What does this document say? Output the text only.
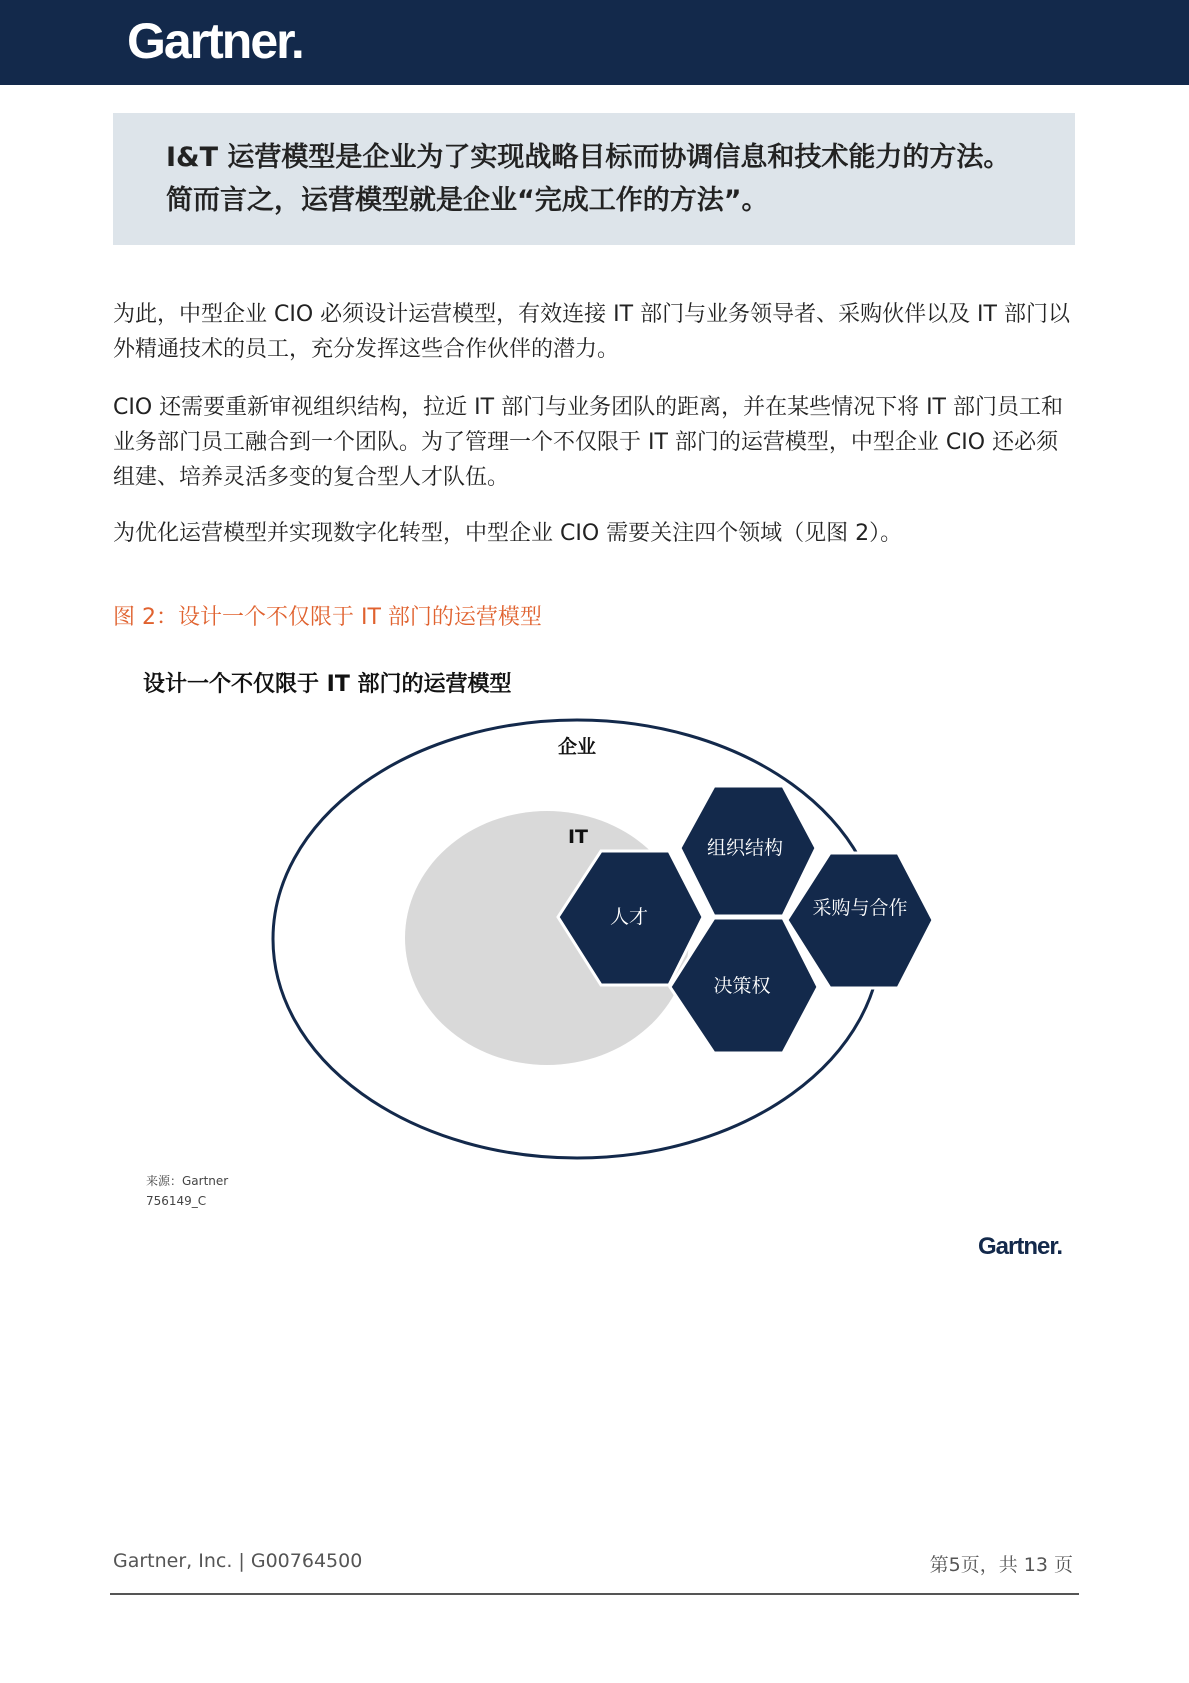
Gartner.
I&T 运营模型是企业为了实现战略目标而协调信息和技术能力的方法。简而言之，运营模型就是企业“完成工作的方法”。

为此，中型企业 CIO 必须设计运营模型，有效连接 IT 部门与业务领导者、采购伙伴以及 IT 部门以外精通技术的员工，充分发挥这些合作伙伴的潜力。

CIO 还需要重新审视组织结构，拉近 IT 部门与业务团队的距离，并在某些情况下将 IT 部门员工和业务部门员工融合到一个团队。为了管理一个不仅限于 IT 部门的运营模型，中型企业 CIO 还必须组建、培养灵活多变的复合型人才队伍。

为优化运营模型并实现数字化转型，中型企业 CIO 需要关注四个领域（见图 2）。

图 2：设计一个不仅限于 IT 部门的运营模型
设计一个不仅限于 IT 部门的运营模型
企业
IT	组织结构
人才	采购与合作
决策权
来源：Gartner
756149_C
Gartner.
Gartner, Inc. | G00764500	第5页，共 13 页
